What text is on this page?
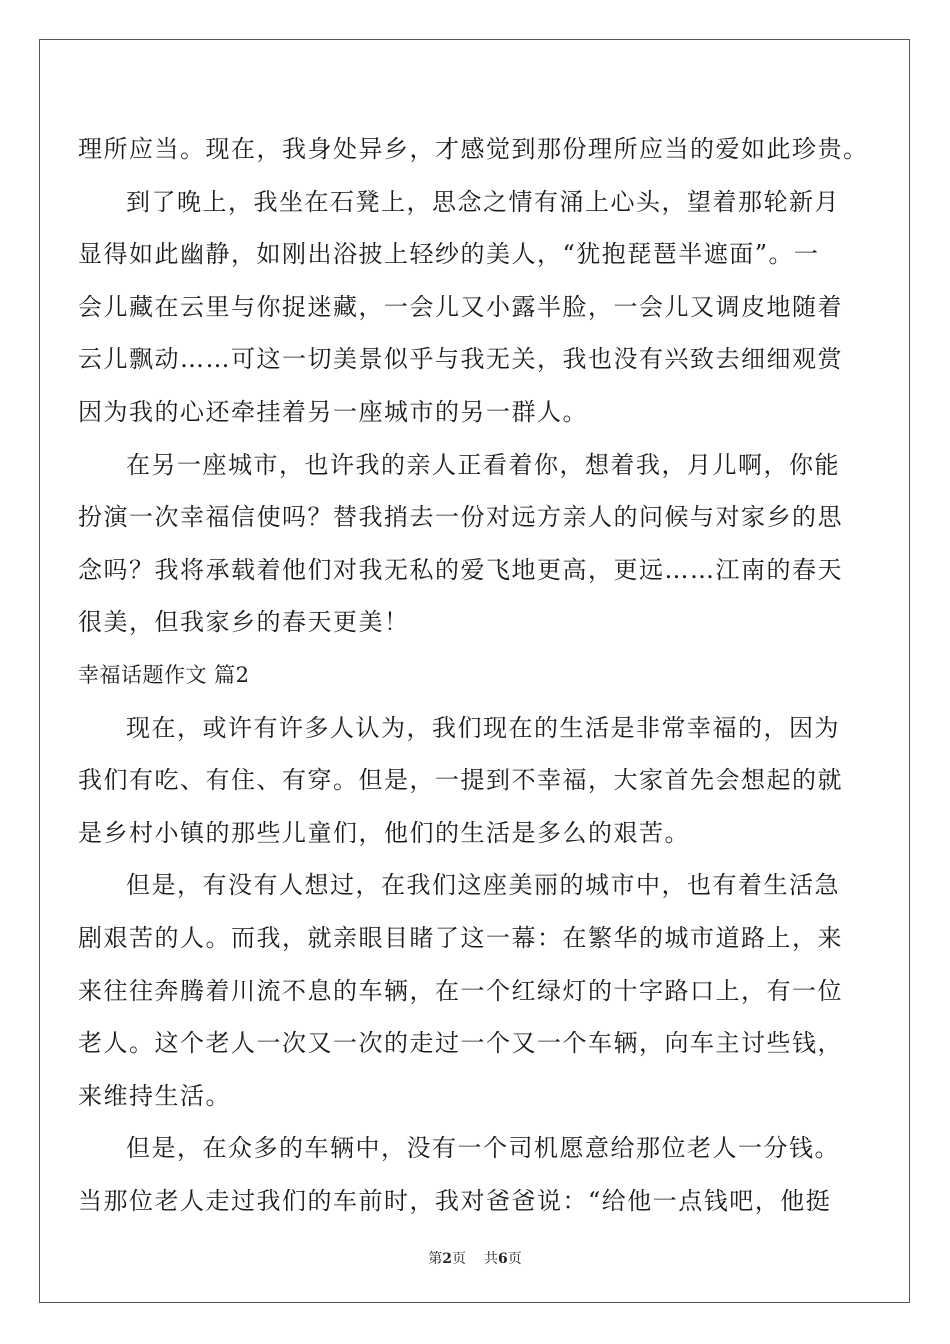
理所应当。现在，我身处异乡，才感觉到那份理所应当的爱如此珍贵。
到了晚上，我坐在石凳上，思念之情有涌上心头，望着那轮新月
显得如此幽静，如刚出浴披上轻纱的美人，“犹抱琵琶半遮面”。一
会儿藏在云里与你捉迷藏，一会儿又小露半脸，一会儿又调皮地随着
云儿飘动……可这一切美景似乎与我无关，我也没有兴致去细细观赏
因为我的心还牵挂着另一座城市的另一群人。
在另一座城市，也许我的亲人正看着你，想着我，月儿啊，你能
扮演一次幸福信使吗？替我捎去一份对远方亲人的问候与对家乡的思
念吗？我将承载着他们对我无私的爱飞地更高，更远……江南的春天
很美，但我家乡的春天更美！
幸福话题作文 篇2
现在，或许有许多人认为，我们现在的生活是非常幸福的，因为
我们有吃、有住、有穿。但是，一提到不幸福，大家首先会想起的就
是乡村小镇的那些儿童们，他们的生活是多么的艰苦。
但是，有没有人想过，在我们这座美丽的城市中，也有着生活急
剧艰苦的人。而我，就亲眼目睹了这一幕：在繁华的城市道路上，来
来往往奔腾着川流不息的车辆，在一个红绿灯的十字路口上，有一位
老人。这个老人一次又一次的走过一个又一个车辆，向车主讨些钱，
来维持生活。
但是，在众多的车辆中，没有一个司机愿意给那位老人一分钱。
当那位老人走过我们的车前时，我对爸爸说：“给他一点钱吧，他挺
第2页 共6页
